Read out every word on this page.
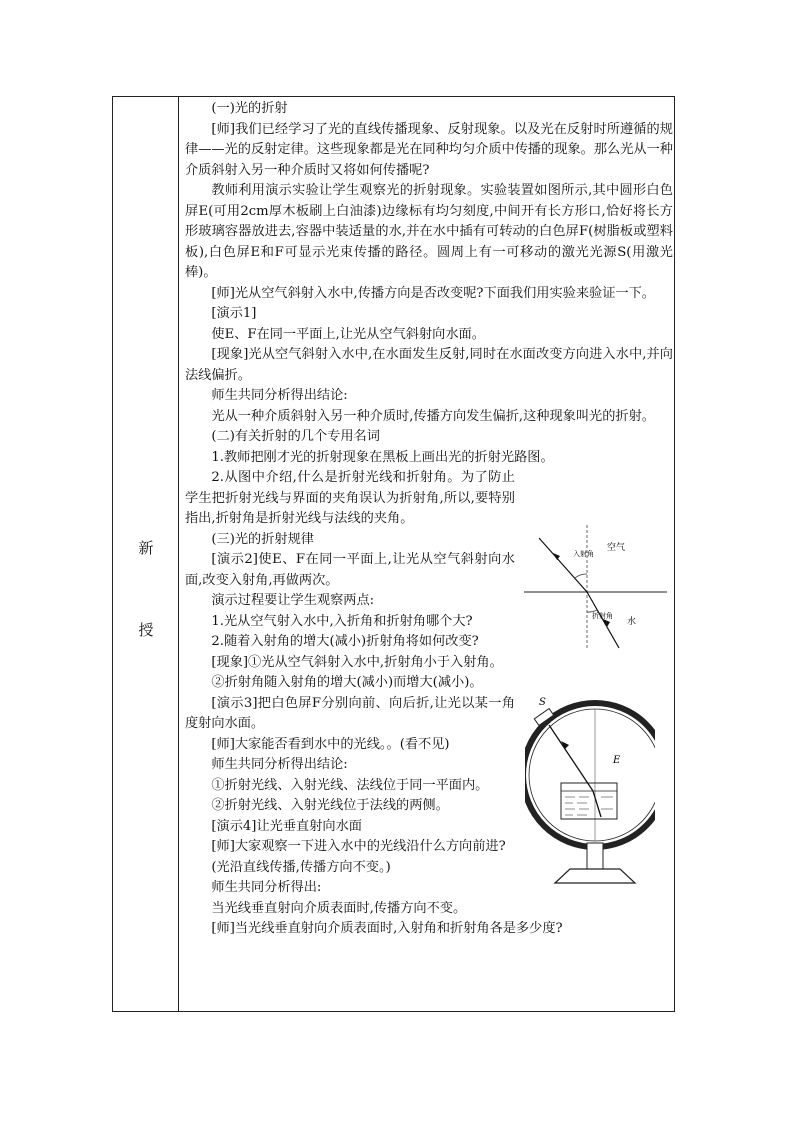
新
授

(一)光的折射

[师]我们已经学习了光的直线传播现象、反射现象。以及光在反射时所遵循的规律——光的反射定律。这些现象都是光在同种均匀介质中传播的现象。那么光从一种介质斜射入另一种介质时又将如何传播呢?

教师利用演示实验让学生观察光的折射现象。实验装置如图所示,其中圆形白色屏E(可用2cm厚木板刷上白油漆)边缘标有均匀刻度,中间开有长方形口,恰好将长方形玻璃容器放进去,容器中装适量的水,并在水中插有可转动的白色屏F(树脂板或塑料板),白色屏E和F可显示光束传播的路径。圆周上有一可移动的激光光源S(用激光棒)。

[师]光从空气斜射入水中,传播方向是否改变呢?下面我们用实验来验证一下。

[演示1]

使E、F在同一平面上,让光从空气斜射向水面。

[现象]光从空气斜射入水中,在水面发生反射,同时在水面改变方向进入水中,并向法线偏折。

师生共同分析得出结论:

光从一种介质斜射入另一种介质时,传播方向发生偏折,这种现象叫光的折射。

(二)有关折射的几个专用名词

1.教师把刚才光的折射现象在黑板上画出光的折射光路图。

2.从图中介绍,什么是折射光线和折射角。为了防止学生把折射光线与界面的夹角误认为折射角,所以,要特别指出,折射角是折射光线与法线的夹角。

(三)光的折射规律

[演示2]使E、F在同一平面上,让光从空气斜射向水面,改变入射角,再做两次。

演示过程要让学生观察两点:

1.光从空气射入水中,入折角和折射角哪个大?

2.随着入射角的增大(减小)折射角将如何改变?

[现象]①光从空气斜射入水中,折射角小于入射角。

②折射角随入射角的增大(减小)而增大(减小)。

[演示3]把白色屏F分别向前、向后折,让光以某一角度射向水面。

[师]大家能否看到水中的光线。。(看不见)

师生共同分析得出结论:

①折射光线、入射光线、法线位于同一平面内。

②折射光线、入射光线位于法线的两侧。

[演示4]让光垂直射向水面

[师]大家观察一下进入水中的光线沿什么方向前进?

(光沿直线传播,传播方向不变。)

师生共同分析得出:

当光线垂直射向介质表面时,传播方向不变。

[师]当光线垂直射向介质表面时,入射角和折射角各是多少度?

空气
水
入射角
折射角
S
E
